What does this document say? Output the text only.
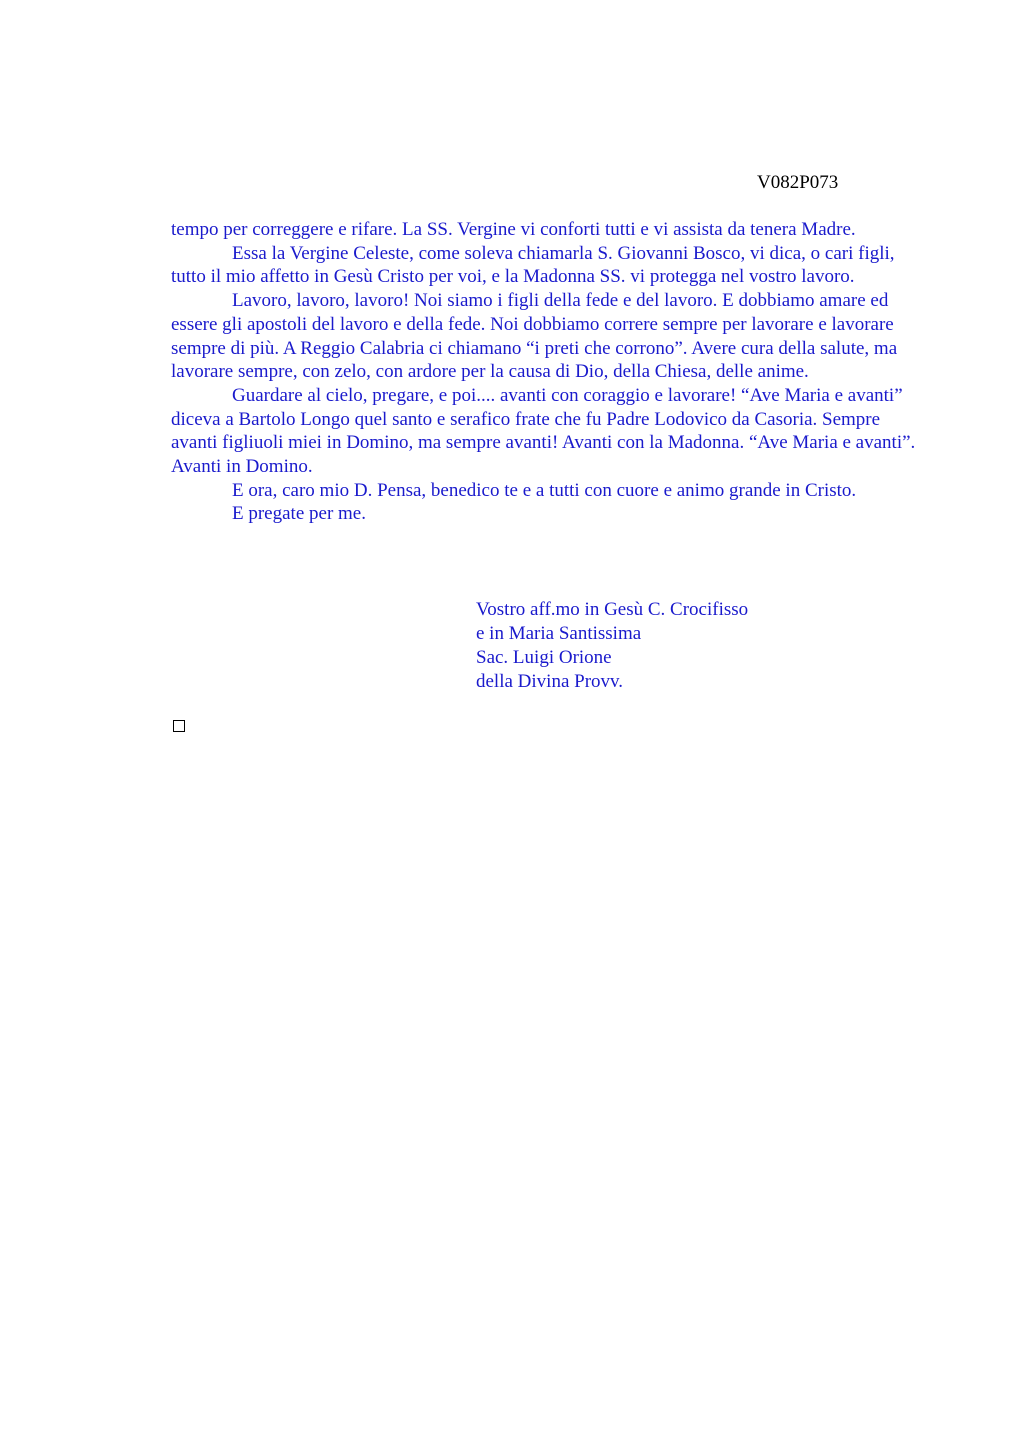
V082P073

tempo per correggere e rifare. La SS. Vergine vi conforti tutti e vi assista da tenera Madre.

Essa la Vergine Celeste, come soleva chiamarla S. Giovanni Bosco, vi dica, o cari figli, tutto il mio affetto in Gesù Cristo per voi, e la Madonna SS. vi protegga nel vostro lavoro.

Lavoro, lavoro, lavoro! Noi siamo i figli della fede e del lavoro. E dobbiamo amare ed essere gli apostoli del lavoro e della fede. Noi dobbiamo correre sempre per lavorare e lavorare sempre di più. A Reggio Calabria ci chiamano “i preti che corrono”. Avere cura della salute, ma lavorare sempre, con zelo, con ardore per la causa di Dio, della Chiesa, delle anime.

Guardare al cielo, pregare, e poi.... avanti con coraggio e lavorare! “Ave Maria e avanti” diceva a Bartolo Longo quel santo e serafico frate che fu Padre Lodovico da Casoria. Sempre avanti figliuoli miei in Domino, ma sempre avanti! Avanti con la Madonna. “Ave Maria e avanti”. Avanti in Domino.

E ora, caro mio D. Pensa, benedico te e a tutti con cuore e animo grande in Cristo.

E pregate per me.

Vostro aff.mo in Gesù C. Crocifisso
e in Maria Santissima
Sac. Luigi Orione
della Divina Provv.
